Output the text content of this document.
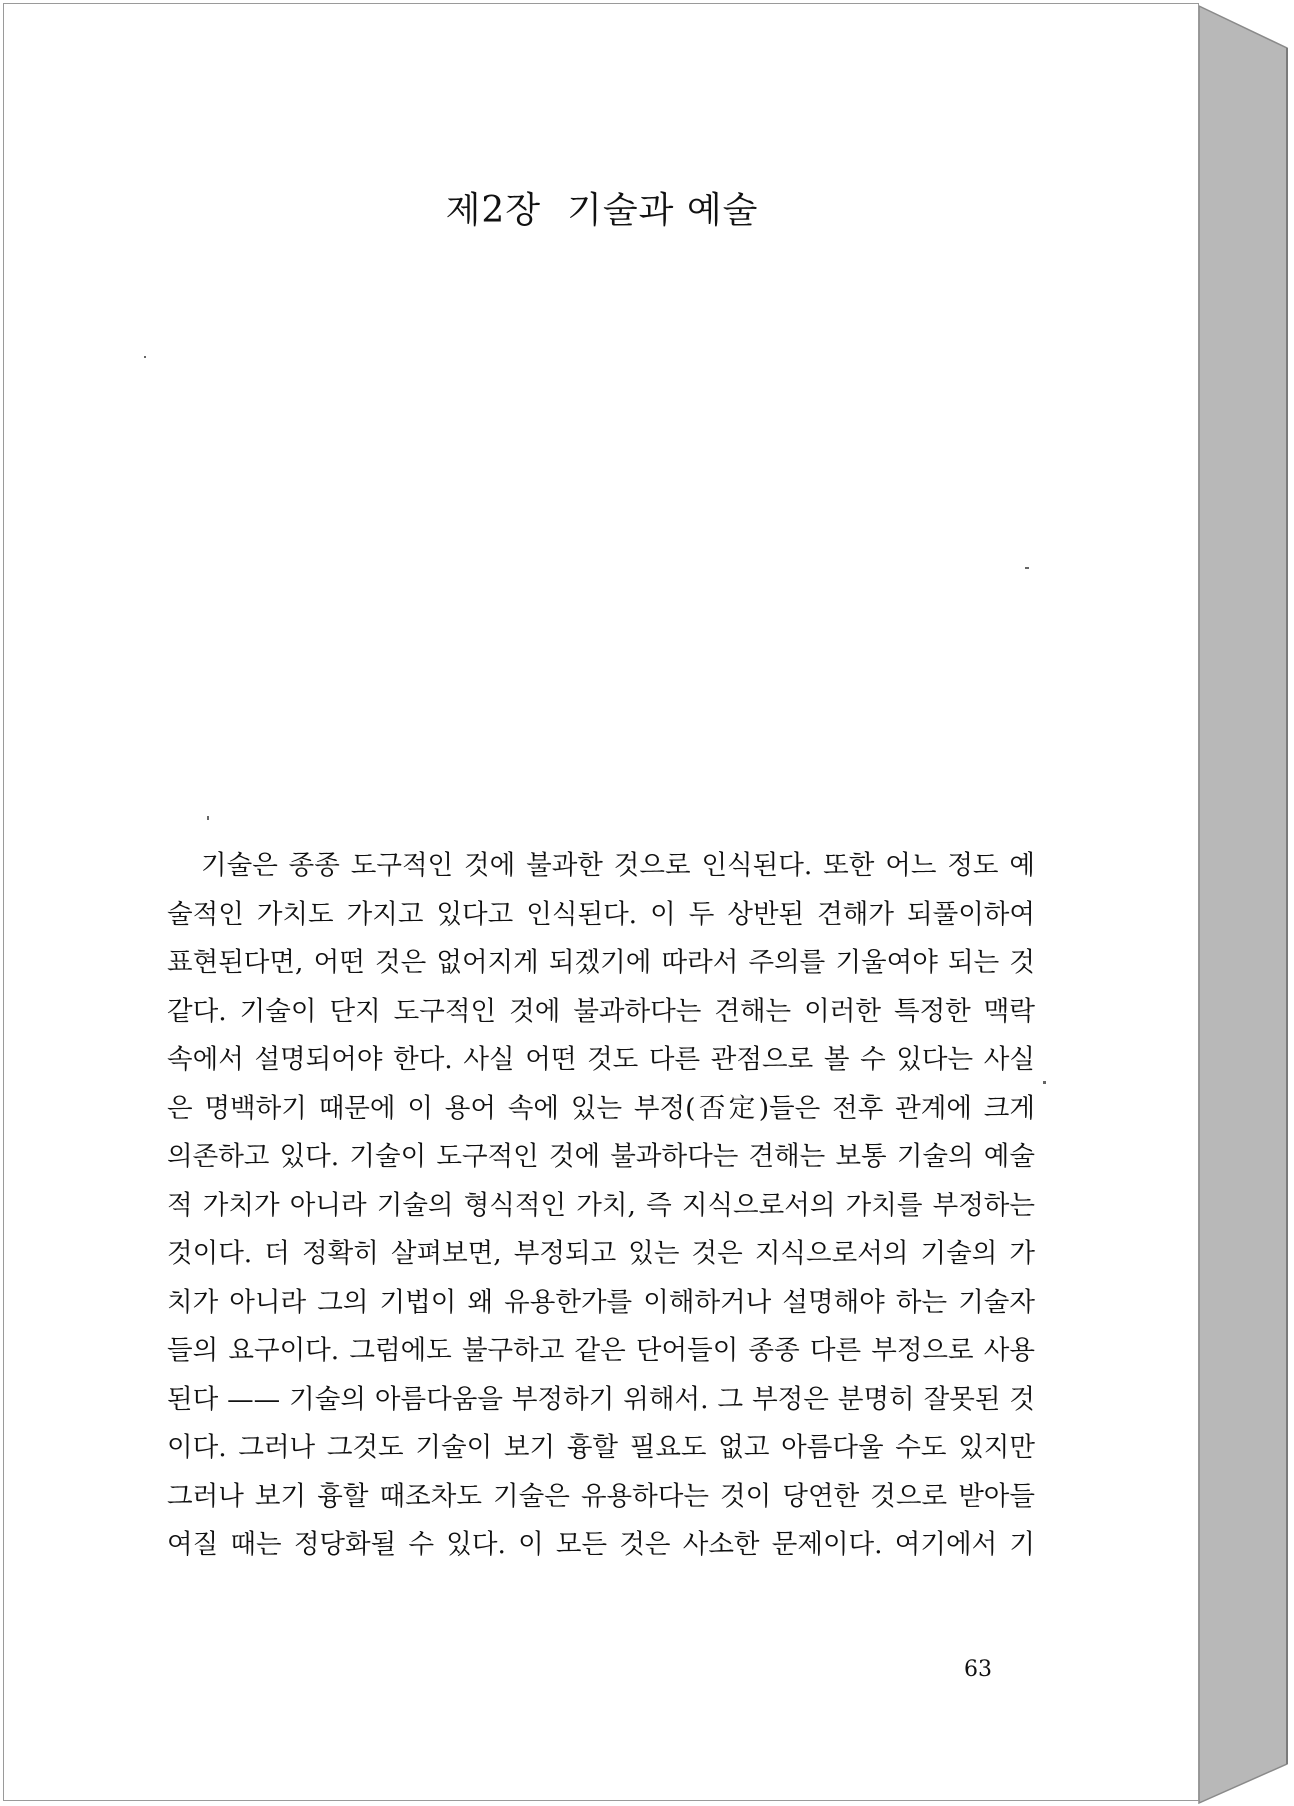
제2장 기술과 예술
기술은 종종 도구적인 것에 불과한 것으로 인식된다. 또한 어느 정도 예
술적인 가치도 가지고 있다고 인식된다. 이 두 상반된 견해가 되풀이하여
표현된다면, 어떤 것은 없어지게 되겠기에 따라서 주의를 기울여야 되는 것
같다. 기술이 단지 도구적인 것에 불과하다는 견해는 이러한 특정한 맥락
속에서 설명되어야 한다. 사실 어떤 것도 다른 관점으로 볼 수 있다는 사실
은 명백하기 때문에 이 용어 속에 있는 부정(否定)들은 전후 관계에 크게
의존하고 있다. 기술이 도구적인 것에 불과하다는 견해는 보통 기술의 예술
적 가치가 아니라 기술의 형식적인 가치, 즉 지식으로서의 가치를 부정하는
것이다. 더 정확히 살펴보면, 부정되고 있는 것은 지식으로서의 기술의 가
치가 아니라 그의 기법이 왜 유용한가를 이해하거나 설명해야 하는 기술자
들의 요구이다. 그럼에도 불구하고 같은 단어들이 종종 다른 부정으로 사용
된다 —— 기술의 아름다움을 부정하기 위해서. 그 부정은 분명히 잘못된 것
이다. 그러나 그것도 기술이 보기 흉할 필요도 없고 아름다울 수도 있지만
그러나 보기 흉할 때조차도 기술은 유용하다는 것이 당연한 것으로 받아들
여질 때는 정당화될 수 있다. 이 모든 것은 사소한 문제이다. 여기에서 기
63
